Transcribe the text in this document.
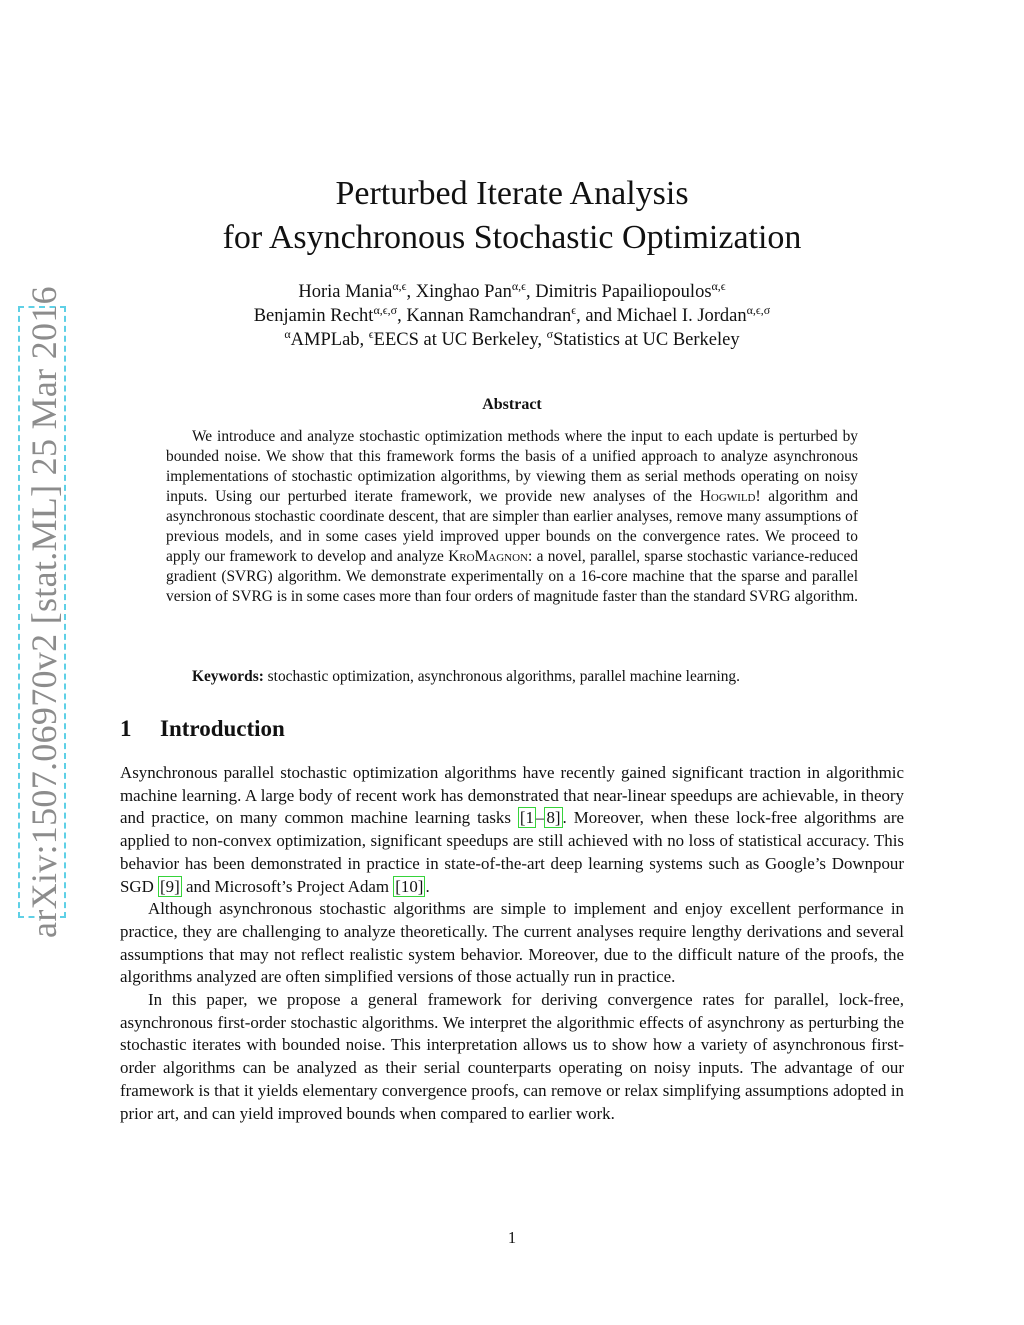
arXiv:1507.06970v2 [stat.ML] 25 Mar 2016
Perturbed Iterate Analysis
for Asynchronous Stochastic Optimization
Horia Mania$^{\alpha,\epsilon}$, Xinghao Pan$^{\alpha,\epsilon}$, Dimitris Papailiopoulos$^{\alpha,\epsilon}$
Benjamin Recht$^{\alpha,\epsilon,\sigma}$, Kannan Ramchandran$^\epsilon$, and Michael I. Jordan$^{\alpha,\epsilon,\sigma}$
$^\alpha$AMPLab, $^\epsilon$EECS at UC Berkeley, $^\sigma$Statistics at UC Berkeley
Abstract

We introduce and analyze stochastic optimization methods where the input to each update is perturbed by bounded noise. We show that this framework forms the basis of a unified approach to analyze asynchronous implementations of stochastic optimization algorithms, by viewing them as serial methods operating on noisy inputs. Using our perturbed iterate framework, we provide new analyses of the Hogwild! algorithm and asynchronous stochastic coordinate descent, that are simpler than earlier analyses, remove many assumptions of previous models, and in some cases yield improved upper bounds on the convergence rates. We proceed to apply our framework to develop and analyze KroMagnon: a novel, parallel, sparse stochastic variance-reduced gradient (SVRG) algorithm. We demonstrate experimentally on a 16-core machine that the sparse and parallel version of SVRG is in some cases more than four orders of magnitude faster than the standard SVRG algorithm.

Keywords: stochastic optimization, asynchronous algorithms, parallel machine learning.
1 Introduction

Asynchronous parallel stochastic optimization algorithms have recently gained significant traction in algorithmic machine learning. A large body of recent work has demonstrated that near-linear speedups are achievable, in theory and practice, on many common machine learning tasks [1 – 8] . Moreover, when these lock-free algorithms are applied to non-convex optimization, significant speedups are still achieved with no loss of statistical accuracy. This behavior has been demonstrated in practice in state-of-the-art deep learning systems such as Google’s Downpour SGD [9] and Microsoft’s Project Adam [10] .

Although asynchronous stochastic algorithms are simple to implement and enjoy excellent performance in practice, they are challenging to analyze theoretically. The current analyses require lengthy derivations and several assumptions that may not reflect realistic system behavior. Moreover, due to the difficult nature of the proofs, the algorithms analyzed are often simplified versions of those actually run in practice.

In this paper, we propose a general framework for deriving convergence rates for parallel, lock-free, asynchronous first-order stochastic algorithms. We interpret the algorithmic effects of asynchrony as perturbing the stochastic iterates with bounded noise. This interpretation allows us to show how a variety of asynchronous first-order algorithms can be analyzed as their serial counterparts operating on noisy inputs. The advantage of our framework is that it yields elementary convergence proofs, can remove or relax simplifying assumptions adopted in prior art, and can yield improved bounds when compared to earlier work.

1
